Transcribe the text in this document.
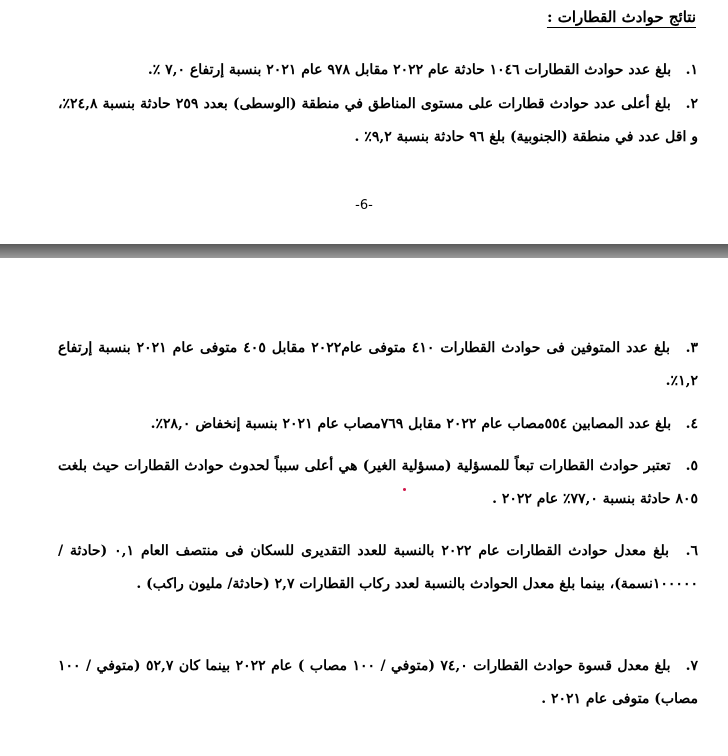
نتائج حوادث القطارات :
١. بلغ عدد حوادث القطارات ١٠٤٦ حادثة عام ٢٠٢٢ مقابل ٩٧٨ عام ٢٠٢١ بنسبة إرتفاع ٧,٠ ٪.
٢. بلغ أعلى عدد حوادث قطارات على مستوى المناطق في منطقة (الوسطى) بعدد ٢٥٩ حادثة بنسبة ٢٤,٨٪، و اقل عدد في منطقة (الجنوبية) بلغ ٩٦ حادثة بنسبة ٩,٢٪ .
-6-
٣. بلغ عدد المتوفين فى حوادث القطارات ٤١٠ متوفى عام٢٠٢٢ مقابل ٤٠٥ متوفى عام ٢٠٢١ بنسبة إرتفاع ١,٢٪.
٤. بلغ عدد المصابين ٥٥٤مصاب عام ٢٠٢٢ مقابل ٧٦٩مصاب عام ٢٠٢١ بنسبة إنخفاض ٢٨,٠٪.
٥. تعتبر حوادث القطارات تبعاً للمسؤلية (مسؤلية الغير) هي أعلى سبباً لحدوث حوادث القطارات حيث بلغت ٨٠٥ حادثة بنسبة ٧٧,٠٪ عام ٢٠٢٢ .
٦. بلغ معدل حوادث القطارات عام ٢٠٢٢ بالنسبة للعدد التقديرى للسكان فى منتصف العام ٠,١ (حادثة / ١٠٠٠٠٠نسمة)، بينما بلغ معدل الحوادث بالنسبة لعدد ركاب القطارات ٢,٧ (حادثة/ مليون راكب) .
٧. بلغ معدل قسوة حوادث القطارات ٧٤,٠ (متوفي / ١٠٠ مصاب ) عام ٢٠٢٢ بينما كان ٥٢,٧ (متوفي / ١٠٠ مصاب) متوفى عام ٢٠٢١ .
